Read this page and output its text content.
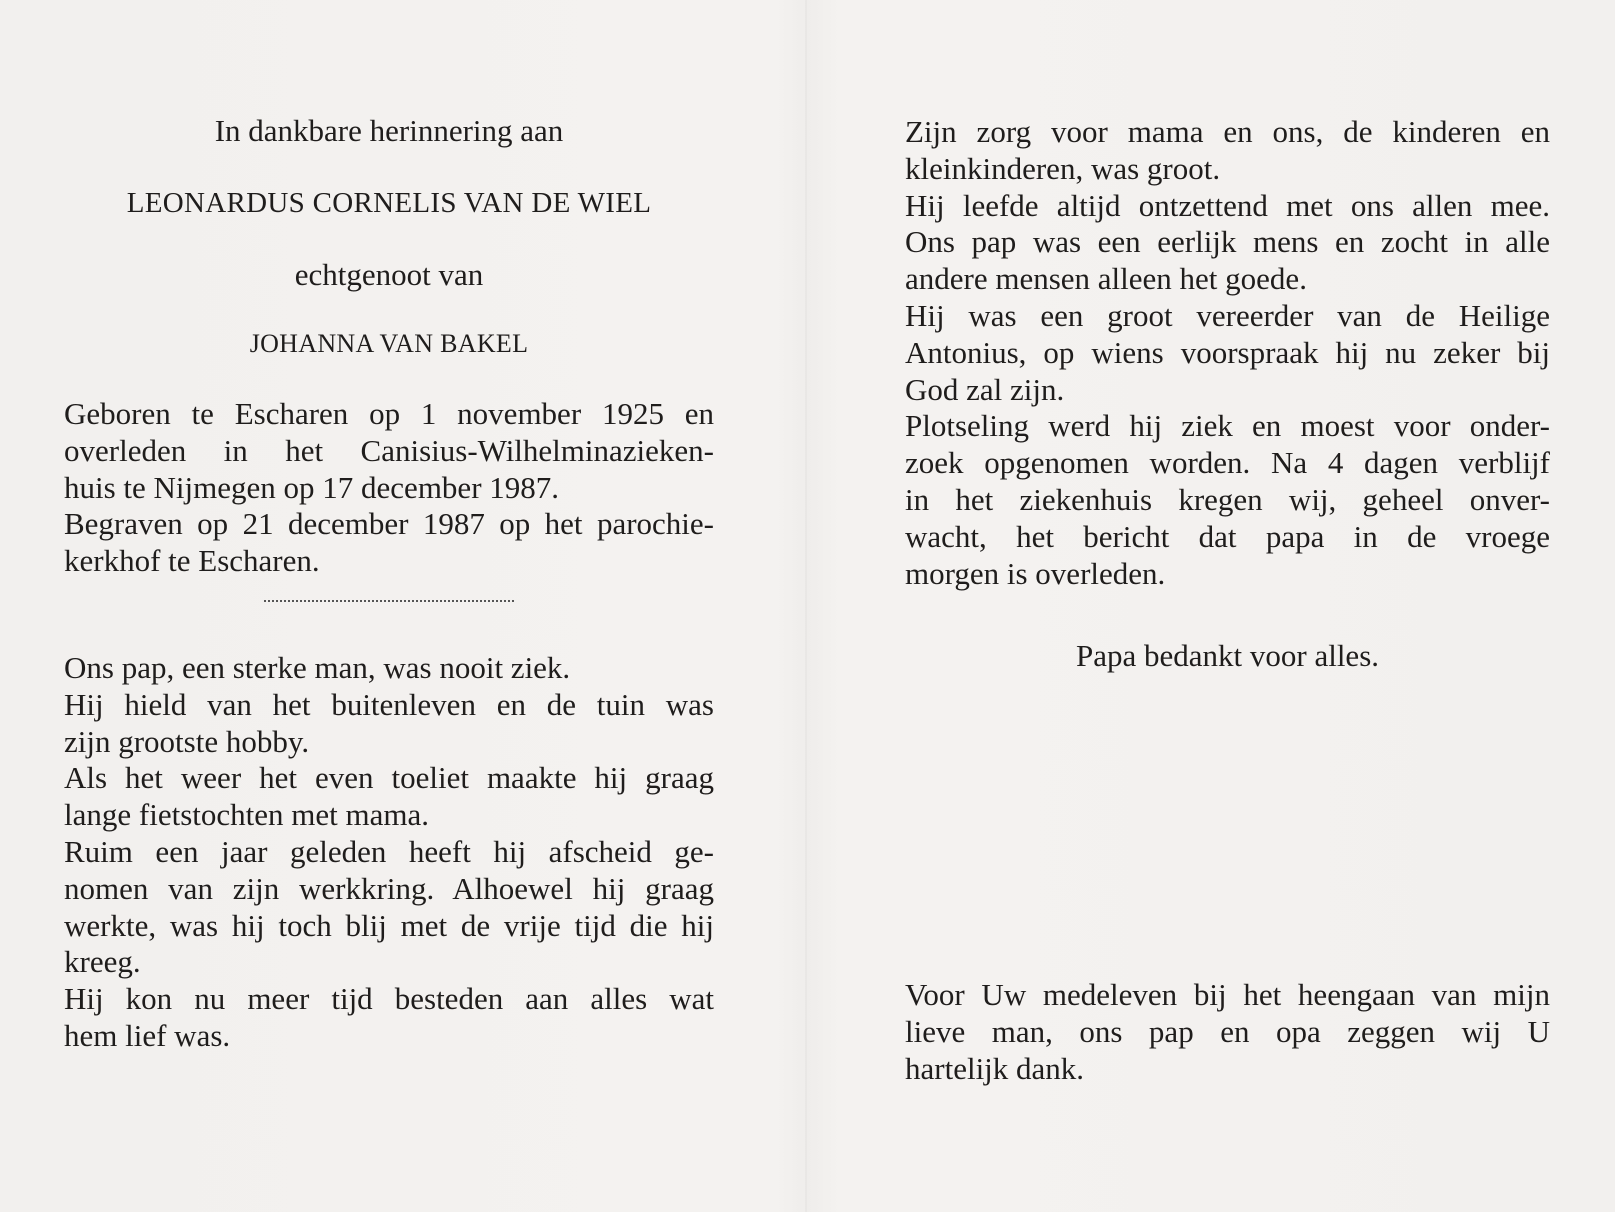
In dankbare herinnering aan

LEONARDUS CORNELIS VAN DE WIEL

echtgenoot van

JOHANNA VAN BAKEL

Geboren te Escharen op 1 november 1925 en
overleden in het Canisius-Wilhelminazieken-
huis te Nijmegen op 17 december 1987.
Begraven op 21 december 1987 op het parochie-
kerkhof te Escharen.
Ons pap, een sterke man, was nooit ziek.
Hij hield van het buitenleven en de tuin was
zijn grootste hobby.
Als het weer het even toeliet maakte hij graag
lange fietstochten met mama.
Ruim een jaar geleden heeft hij afscheid ge-
nomen van zijn werkkring. Alhoewel hij graag
werkte, was hij toch blij met de vrije tijd die hij
kreeg.
Hij kon nu meer tijd besteden aan alles wat
hem lief was.
Zijn zorg voor mama en ons, de kinderen en
kleinkinderen, was groot.
Hij leefde altijd ontzettend met ons allen mee.
Ons pap was een eerlijk mens en zocht in alle
andere mensen alleen het goede.
Hij was een groot vereerder van de Heilige
Antonius, op wiens voorspraak hij nu zeker bij
God zal zijn.
Plotseling werd hij ziek en moest voor onder-
zoek opgenomen worden. Na 4 dagen verblijf
in het ziekenhuis kregen wij, geheel onver-
wacht, het bericht dat papa in de vroege
morgen is overleden.

Papa bedankt voor alles.

Voor Uw medeleven bij het heengaan van mijn
lieve man, ons pap en opa zeggen wij U
hartelijk dank.
